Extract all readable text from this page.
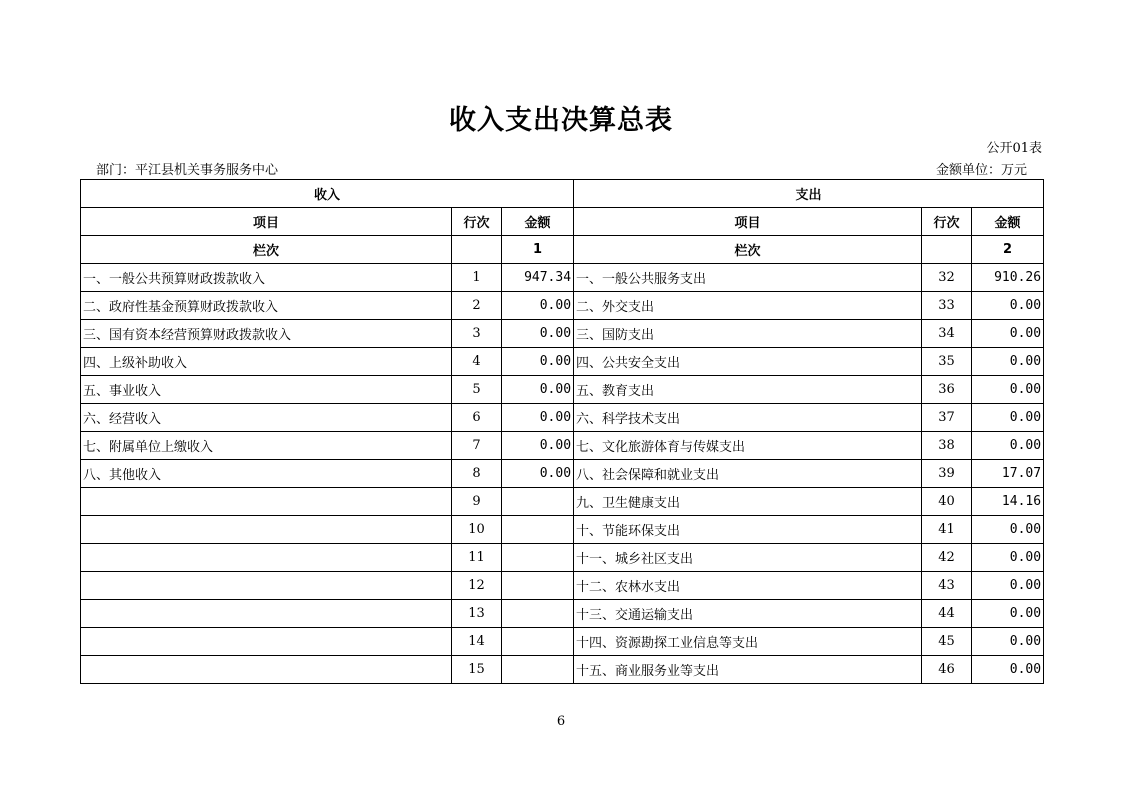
收入支出决算总表
公开01表
部门：平江县机关事务服务中心	金额单位：万元
收入			支出		
项目	行次	金额	项目	行次	金额
栏次		1	栏次		2
一、一般公共预算财政拨款收入	1	947.34	一、一般公共服务支出	32	910.26
二、政府性基金预算财政拨款收入	2	0.00	二、外交支出	33	0.00
三、国有资本经营预算财政拨款收入	3	0.00	三、国防支出	34	0.00
四、上级补助收入	4	0.00	四、公共安全支出	35	0.00
五、事业收入	5	0.00	五、教育支出	36	0.00
六、经营收入	6	0.00	六、科学技术支出	37	0.00
七、附属单位上缴收入	7	0.00	七、文化旅游体育与传媒支出	38	0.00
八、其他收入	8	0.00	八、社会保障和就业支出	39	17.07
	9		九、卫生健康支出	40	14.16
	10		十、节能环保支出	41	0.00
	11		十一、城乡社区支出	42	0.00
	12		十二、农林水支出	43	0.00
	13		十三、交通运输支出	44	0.00
	14		十四、资源勘探工业信息等支出	45	0.00
	15		十五、商业服务业等支出	46	0.00
6
